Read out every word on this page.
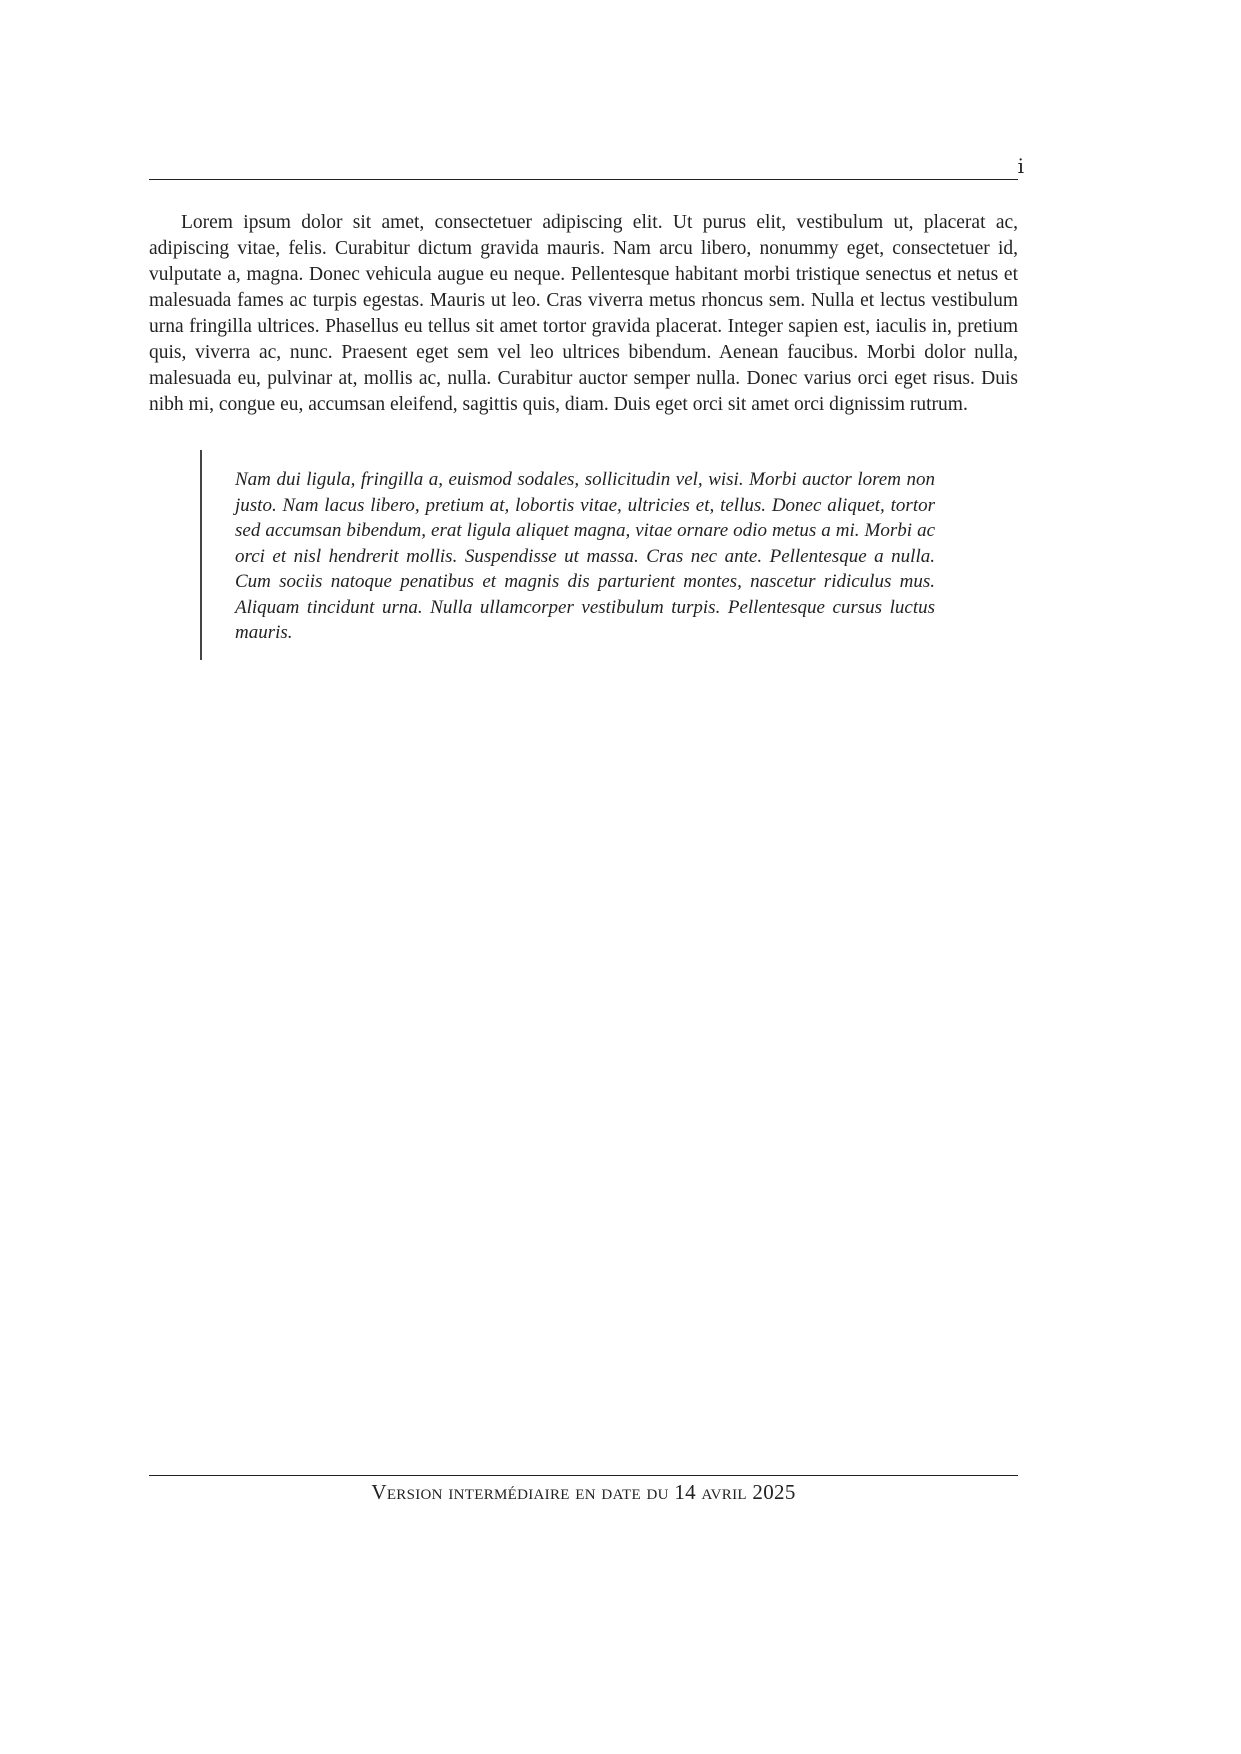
i

Lorem ipsum dolor sit amet, consectetuer adipiscing elit. Ut purus elit, vestibulum ut, placerat ac, adipiscing vitae, felis. Curabitur dictum gravida mauris. Nam arcu libero, nonummy eget, consectetuer id, vulputate a, magna. Donec vehicula augue eu neque. Pellentesque habitant morbi tristique senectus et netus et malesuada fames ac turpis egestas. Mauris ut leo. Cras viverra metus rhoncus sem. Nulla et lectus vestibulum urna fringilla ultrices. Phasellus eu tellus sit amet tortor gravida placerat. Integer sapien est, iaculis in, pretium quis, viverra ac, nunc. Praesent eget sem vel leo ultrices bibendum. Aenean faucibus. Morbi dolor nulla, malesuada eu, pulvinar at, mollis ac, nulla. Curabitur auctor semper nulla. Donec varius orci eget risus. Duis nibh mi, congue eu, accumsan eleifend, sagittis quis, diam. Duis eget orci sit amet orci dignissim rutrum.

Nam dui ligula, fringilla a, euismod sodales, sollicitudin vel, wisi. Morbi auctor lorem non justo. Nam lacus libero, pretium at, lobortis vitae, ultricies et, tellus. Donec aliquet, tortor sed accumsan bibendum, erat ligula aliquet magna, vitae ornare odio metus a mi. Morbi ac orci et nisl hendrerit mollis. Suspendisse ut massa. Cras nec ante. Pellentesque a nulla. Cum sociis natoque penatibus et magnis dis parturient montes, nascetur ridiculus mus. Aliquam tincidunt urna. Nulla ullamcorper vestibulum turpis. Pellentesque cursus luctus mauris.

Version intermédiaire en date du 14 avril 2025
